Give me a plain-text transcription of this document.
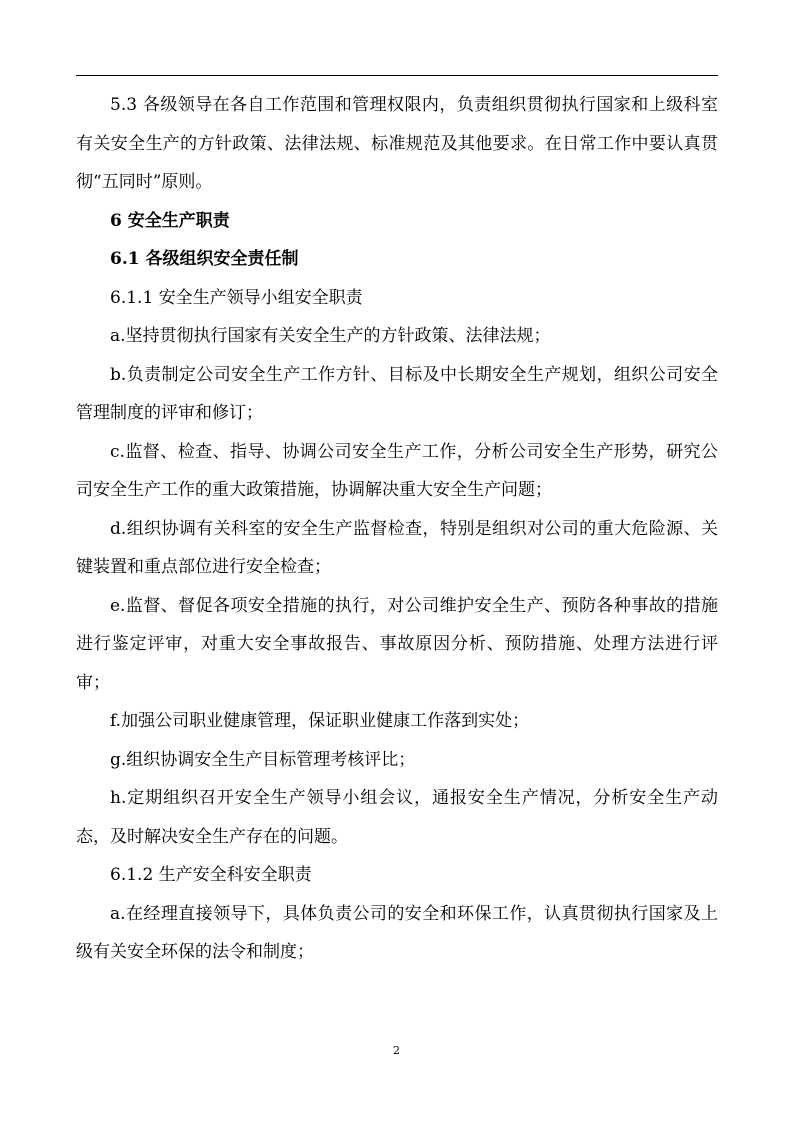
5.3 各级领导在各自工作范围和管理权限内，负责组织贯彻执行国家和上级科室有关安全生产的方针政策、法律法规、标准规范及其他要求。在日常工作中要认真贯彻“五同时”原则。

6 安全生产职责

6.1 各级组织安全责任制

6.1.1 安全生产领导小组安全职责

a.坚持贯彻执行国家有关安全生产的方针政策、法律法规；

b.负责制定公司安全生产工作方针、目标及中长期安全生产规划，组织公司安全管理制度的评审和修订；

c.监督、检查、指导、协调公司安全生产工作，分析公司安全生产形势，研究公司安全生产工作的重大政策措施，协调解决重大安全生产问题；

d.组织协调有关科室的安全生产监督检查，特别是组织对公司的重大危险源、关键装置和重点部位进行安全检查；

e.监督、督促各项安全措施的执行，对公司维护安全生产、预防各种事故的措施进行鉴定评审，对重大安全事故报告、事故原因分析、预防措施、处理方法进行评审；

f.加强公司职业健康管理，保证职业健康工作落到实处；

g.组织协调安全生产目标管理考核评比；

h.定期组织召开安全生产领导小组会议，通报安全生产情况，分析安全生产动态，及时解决安全生产存在的问题。

6.1.2 生产安全科安全职责

a.在经理直接领导下，具体负责公司的安全和环保工作，认真贯彻执行国家及上级有关安全环保的法令和制度；

2
